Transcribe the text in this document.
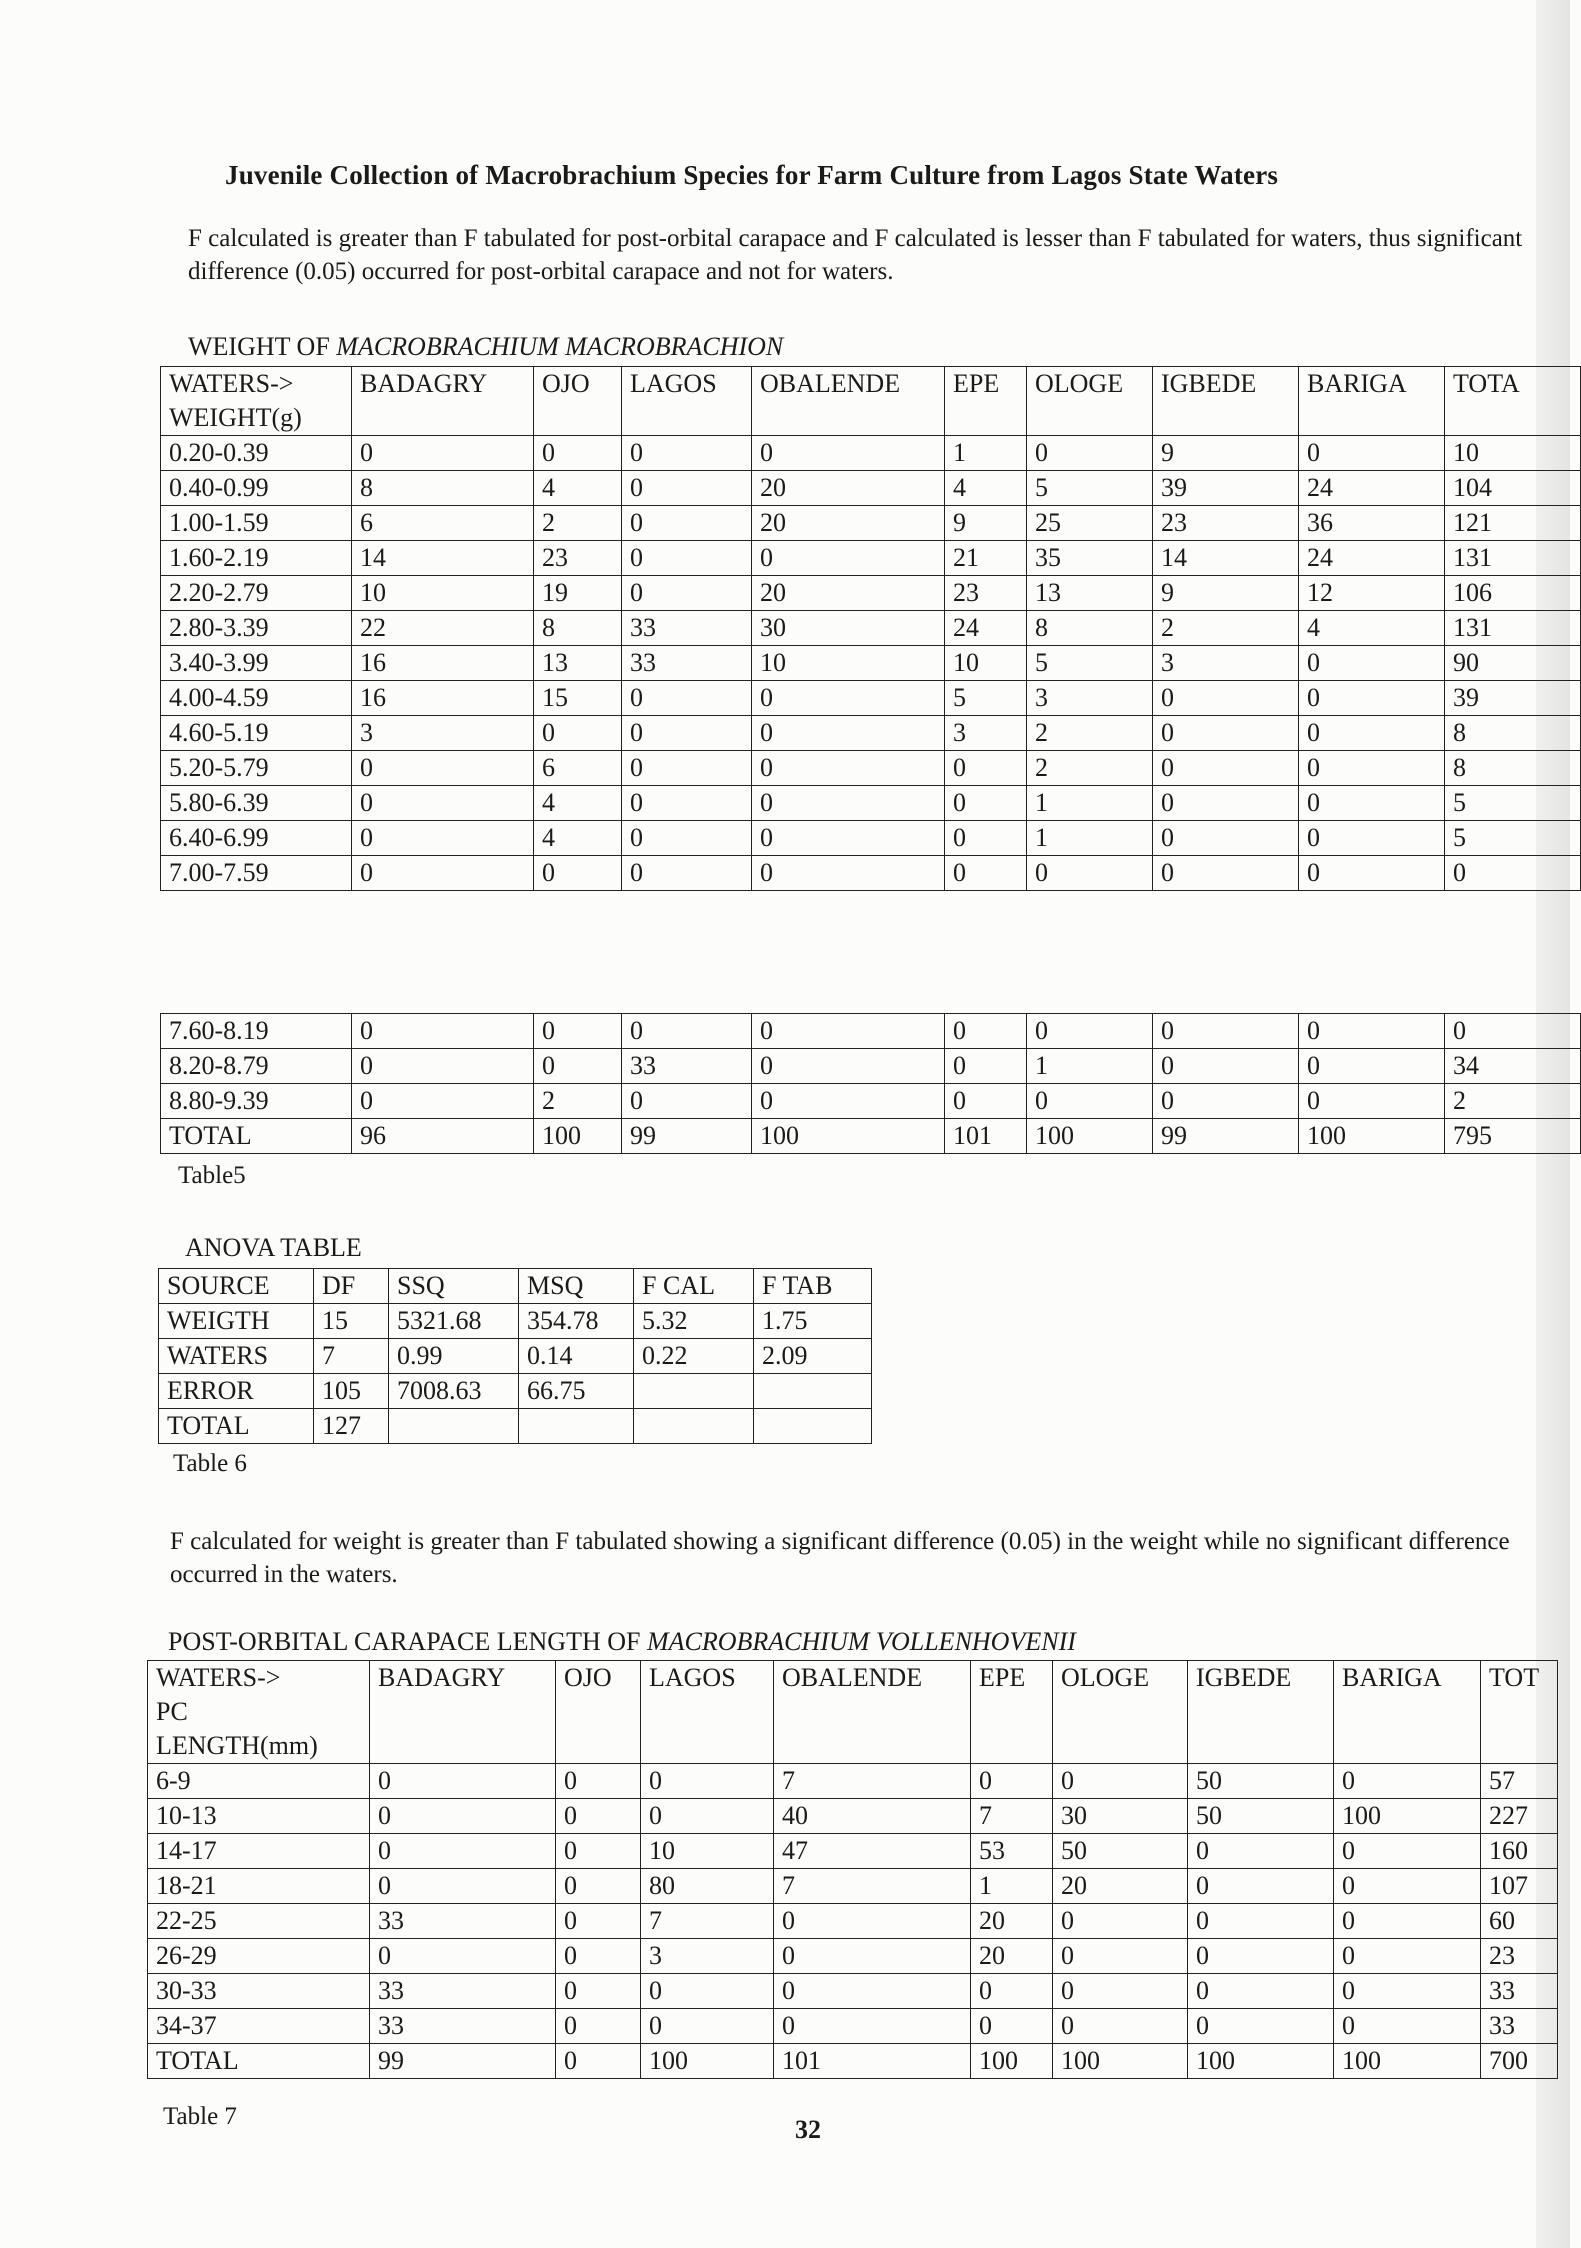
Juvenile Collection of Macrobrachium Species for Farm Culture from Lagos State Waters
F calculated is greater than F tabulated for post-orbital carapace and F calculated is lesser than F tabulated for waters, thus significant difference (0.05) occurred for post-orbital carapace and not for waters.
WEIGHT OF MACROBRACHIUM MACROBRACHION
WATERS->
WEIGHT(g)	BADAGRY	OJO	LAGOS	OBALENDE	EPE	OLOGE	IGBEDE	BARIGA	TOTA
0.20-0.39	0	0	0	0	1	0	9	0	10
0.40-0.99	8	4	0	20	4	5	39	24	104
1.00-1.59	6	2	0	20	9	25	23	36	121
1.60-2.19	14	23	0	0	21	35	14	24	131
2.20-2.79	10	19	0	20	23	13	9	12	106
2.80-3.39	22	8	33	30	24	8	2	4	131
3.40-3.99	16	13	33	10	10	5	3	0	90
4.00-4.59	16	15	0	0	5	3	0	0	39
4.60-5.19	3	0	0	0	3	2	0	0	8
5.20-5.79	0	6	0	0	0	2	0	0	8
5.80-6.39	0	4	0	0	0	1	0	0	5
6.40-6.99	0	4	0	0	0	1	0	0	5
7.00-7.59	0	0	0	0	0	0	0	0	0
7.60-8.19	0	0	0	0	0	0	0	0	0
8.20-8.79	0	0	33	0	0	1	0	0	34
8.80-9.39	0	2	0	0	0	0	0	0	2
TOTAL	96	100	99	100	101	100	99	100	795
Table5
ANOVA TABLE
SOURCE	DF	SSQ	MSQ	F CAL	F TAB
WEIGTH	15	5321.68	354.78	5.32	1.75
WATERS	7	0.99	0.14	0.22	2.09
ERROR	105	7008.63	66.75		
TOTAL	127				
Table 6
F calculated for weight is greater than F tabulated showing a significant difference (0.05) in the weight while no significant difference occurred in the waters.
POST-ORBITAL CARAPACE LENGTH OF MACROBRACHIUM VOLLENHOVENII
WATERS->
PC
LENGTH(mm)	BADAGRY	OJO	LAGOS	OBALENDE	EPE	OLOGE	IGBEDE	BARIGA	TOT
6-9	0	0	0	7	0	0	50	0	57
10-13	0	0	0	40	7	30	50	100	227
14-17	0	0	10	47	53	50	0	0	160
18-21	0	0	80	7	1	20	0	0	107
22-25	33	0	7	0	20	0	0	0	60
26-29	0	0	3	0	20	0	0	0	23
30-33	33	0	0	0	0	0	0	0	33
34-37	33	0	0	0	0	0	0	0	33
TOTAL	99	0	100	101	100	100	100	100	700
Table 7	32
